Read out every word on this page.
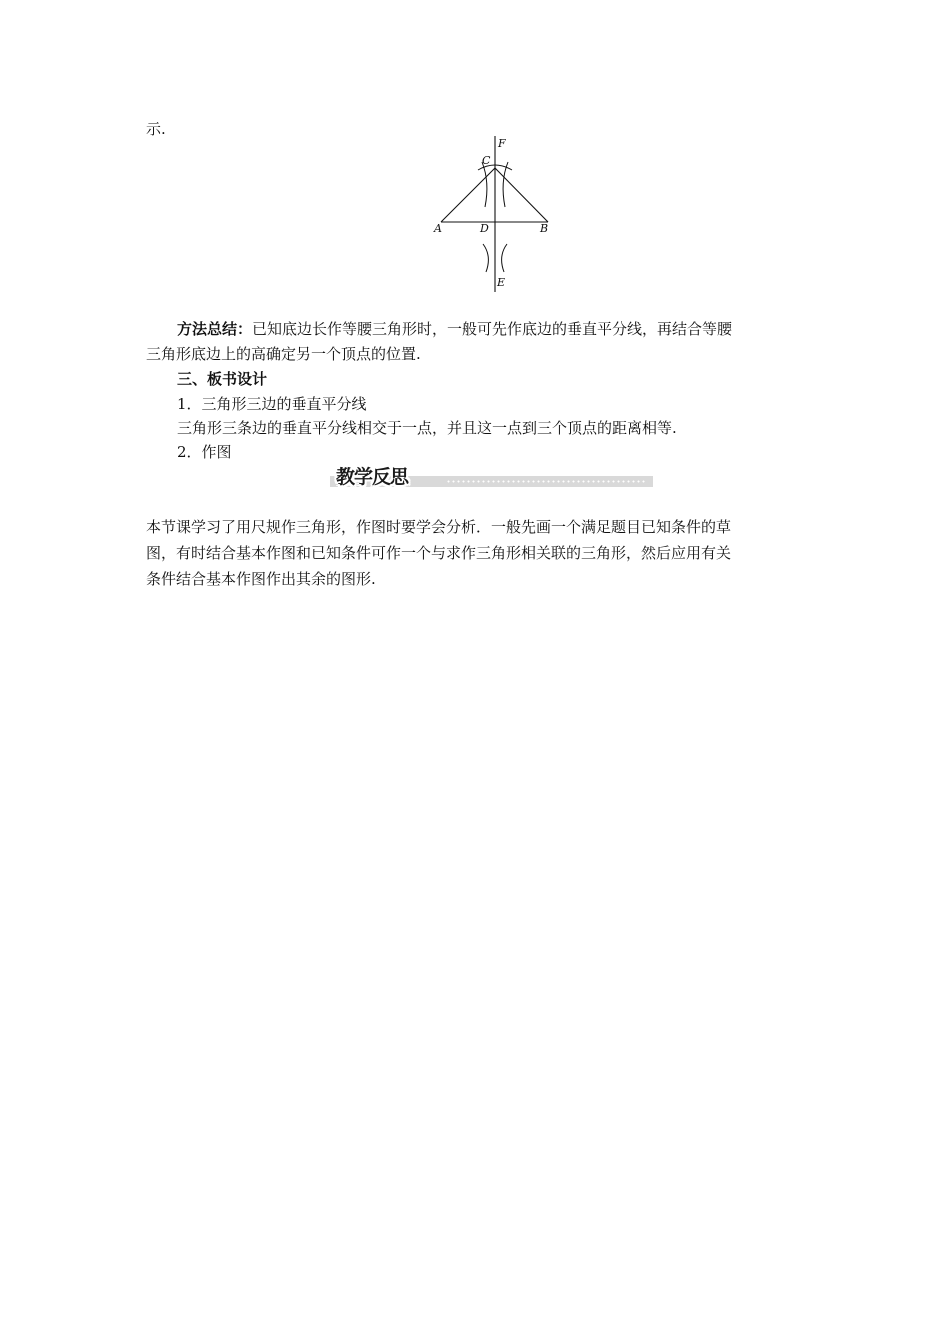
示.
F
C
A	D	B
E
方法总结：已知底边长作等腰三角形时，一般可先作底边的垂直平分线，再结合等腰
三角形底边上的高确定另一个顶点的位置.
三、板书设计
1．三角形三边的垂直平分线
三角形三条边的垂直平分线相交于一点，并且这一点到三个顶点的距离相等.
2．作图
教学反思
本节课学习了用尺规作三角形，作图时要学会分析．一般先画一个满足题目已知条件的草
图，有时结合基本作图和已知条件可作一个与求作三角形相关联的三角形，然后应用有关
条件结合基本作图作出其余的图形.
